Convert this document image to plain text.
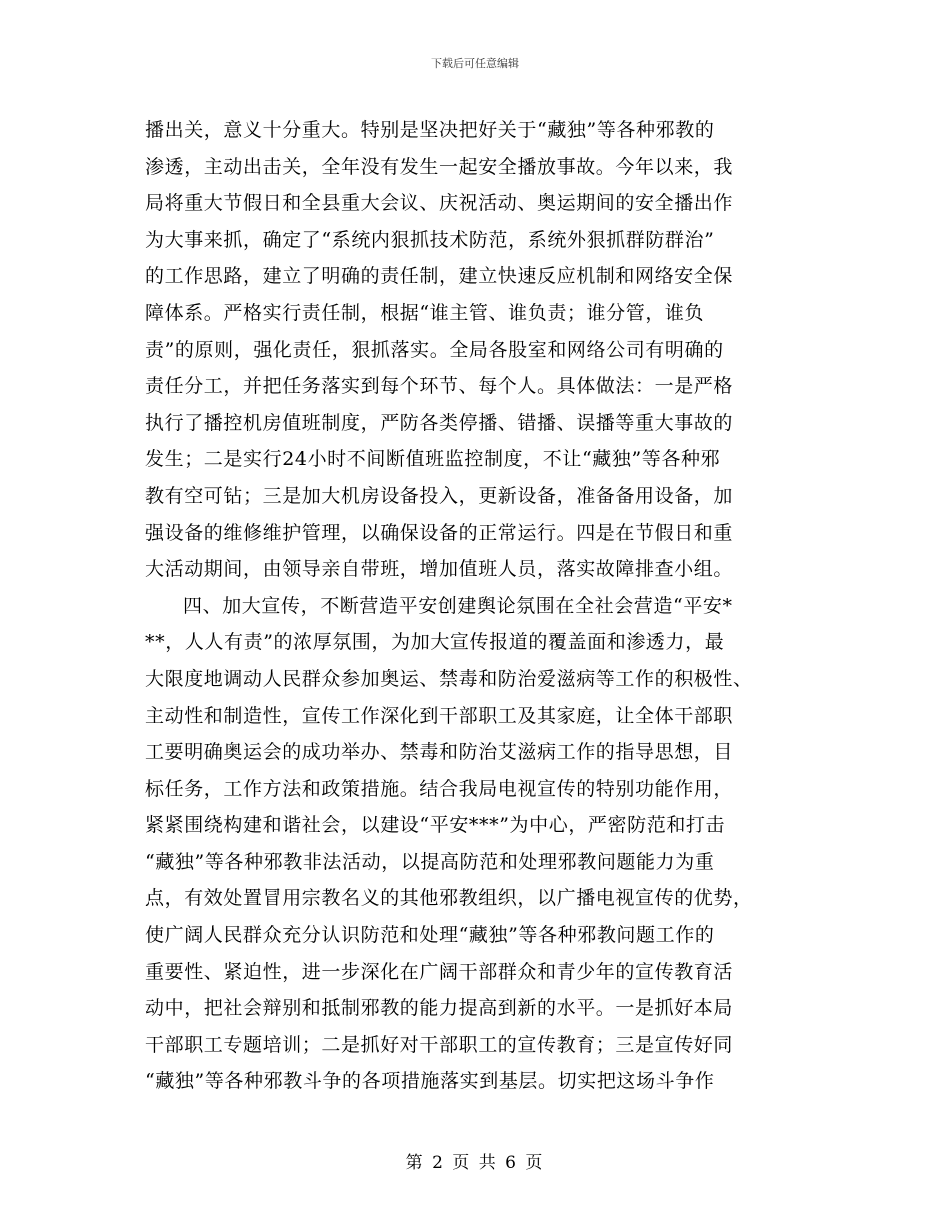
下载后可任意编辑
播出关，意义十分重大。特别是坚决把好关于“藏独”等各种邪教的
渗透，主动出击关，全年没有发生一起安全播放事故。今年以来，我
局将重大节假日和全县重大会议、庆祝活动、奥运期间的安全播出作
为大事来抓，确定了“系统内狠抓技术防范，系统外狠抓群防群治”
的工作思路，建立了明确的责任制，建立快速反应机制和网络安全保
障体系。严格实行责任制，根据“谁主管、谁负责；谁分管，谁负
责”的原则，强化责任，狠抓落实。全局各股室和网络公司有明确的
责任分工，并把任务落实到每个环节、每个人。具体做法：一是严格
执行了播控机房值班制度，严防各类停播、错播、误播等重大事故的
发生；二是实行24小时不间断值班监控制度，不让“藏独”等各种邪
教有空可钻；三是加大机房设备投入，更新设备，准备备用设备，加
强设备的维修维护管理，以确保设备的正常运行。四是在节假日和重
大活动期间，由领导亲自带班，增加值班人员，落实故障排查小组。
四、加大宣传，不断营造平安创建舆论氛围在全社会营造“平安*
**，人人有责”的浓厚氛围，为加大宣传报道的覆盖面和渗透力，最
大限度地调动人民群众参加奥运、禁毒和防治爱滋病等工作的积极性、
主动性和制造性，宣传工作深化到干部职工及其家庭，让全体干部职
工要明确奥运会的成功举办、禁毒和防治艾滋病工作的指导思想，目
标任务，工作方法和政策措施。结合我局电视宣传的特别功能作用，
紧紧围绕构建和谐社会，以建设“平安***”为中心，严密防范和打击
“藏独”等各种邪教非法活动，以提高防范和处理邪教问题能力为重
点，有效处置冒用宗教名义的其他邪教组织，以广播电视宣传的优势，
使广阔人民群众充分认识防范和处理“藏独”等各种邪教问题工作的
重要性、紧迫性，进一步深化在广阔干部群众和青少年的宣传教育活
动中，把社会辩别和抵制邪教的能力提高到新的水平。一是抓好本局
干部职工专题培训；二是抓好对干部职工的宣传教育；三是宣传好同
“藏独”等各种邪教斗争的各项措施落实到基层。切实把这场斗争作
第 2 页 共 6 页
